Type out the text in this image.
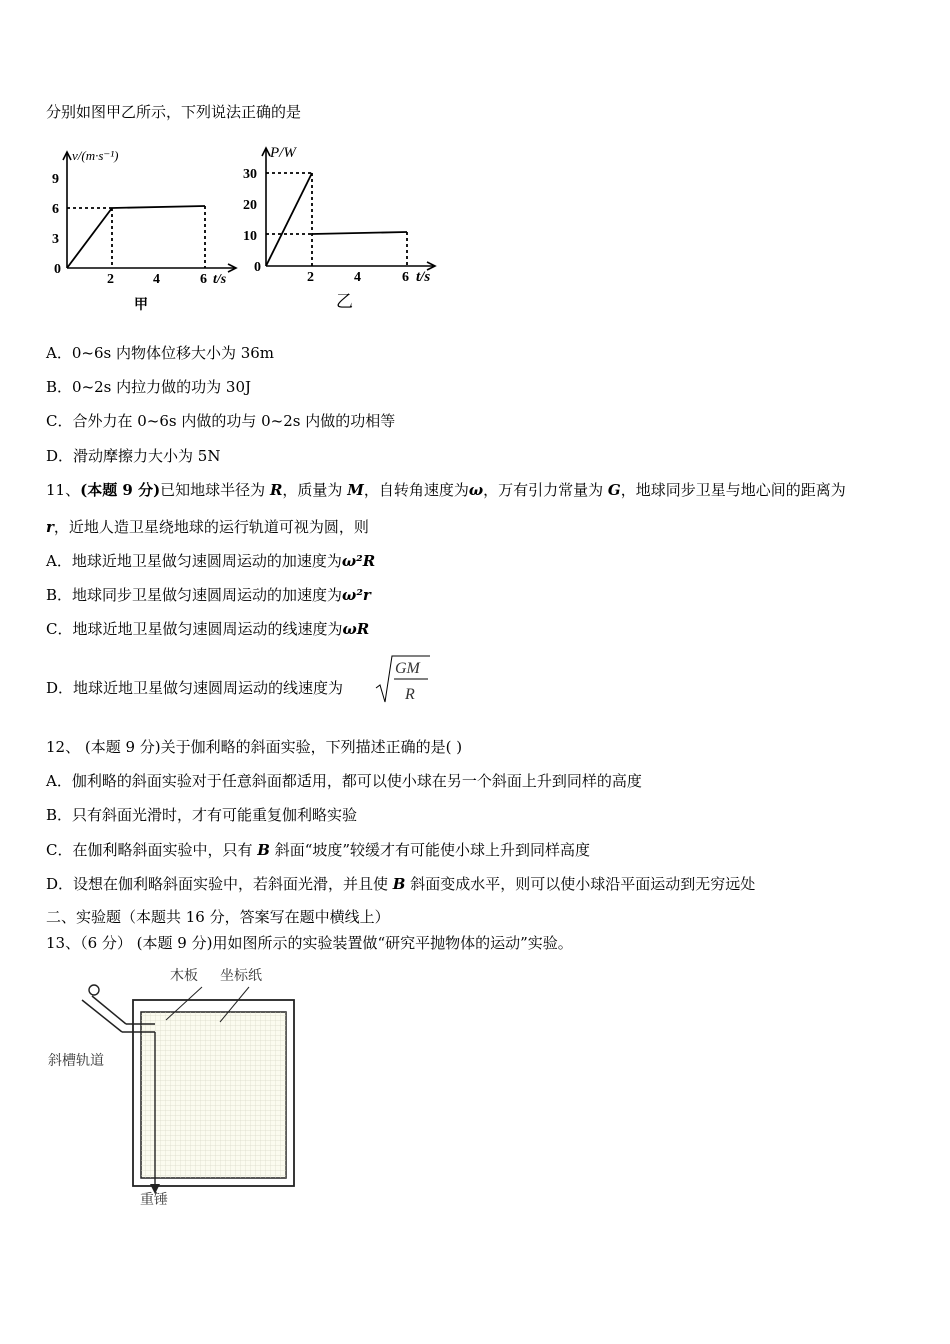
分别如图甲乙所示，下列说法正确的是
v/(m·s⁻¹)
9
6
3
0
2	4	6 t/s
甲
P/W
30
20
10
0
2	4	6 t/s
乙
A．0~6s 内物体位移大小为 36m
B．0~2s 内拉力做的功为 30J
C．合外力在 0~6s 内做的功与 0~2s 内做的功相等
D．滑动摩擦力大小为 5N
11、(本题 9 分)已知地球半径为 R，质量为 M，自转角速度为ω，万有引力常量为 G，地球同步卫星与地心间的距离为
r，近地人造卫星绕地球的运行轨道可视为圆，则
A．地球近地卫星做匀速圆周运动的加速度为ω²R
B．地球同步卫星做匀速圆周运动的加速度为ω²r
C．地球近地卫星做匀速圆周运动的线速度为ωR
D．地球近地卫星做匀速圆周运动的线速度为
GM
R
12、 (本题 9 分)关于伽利略的斜面实验，下列描述正确的是( )
A．伽利略的斜面实验对于任意斜面都适用，都可以使小球在另一个斜面上升到同样的高度
B．只有斜面光滑时，才有可能重复伽利略实验
C．在伽利略斜面实验中，只有 B 斜面“坡度”较缓才有可能使小球上升到同样高度
D．设想在伽利略斜面实验中，若斜面光滑，并且使 B 斜面变成水平，则可以使小球沿平面运动到无穷远处
二、实验题（本题共 16 分，答案写在题中横线上）
13、（6 分） (本题 9 分)用如图所示的实验装置做“研究平抛物体的运动”实验。
木板 坐标纸
斜槽轨道
重锤
